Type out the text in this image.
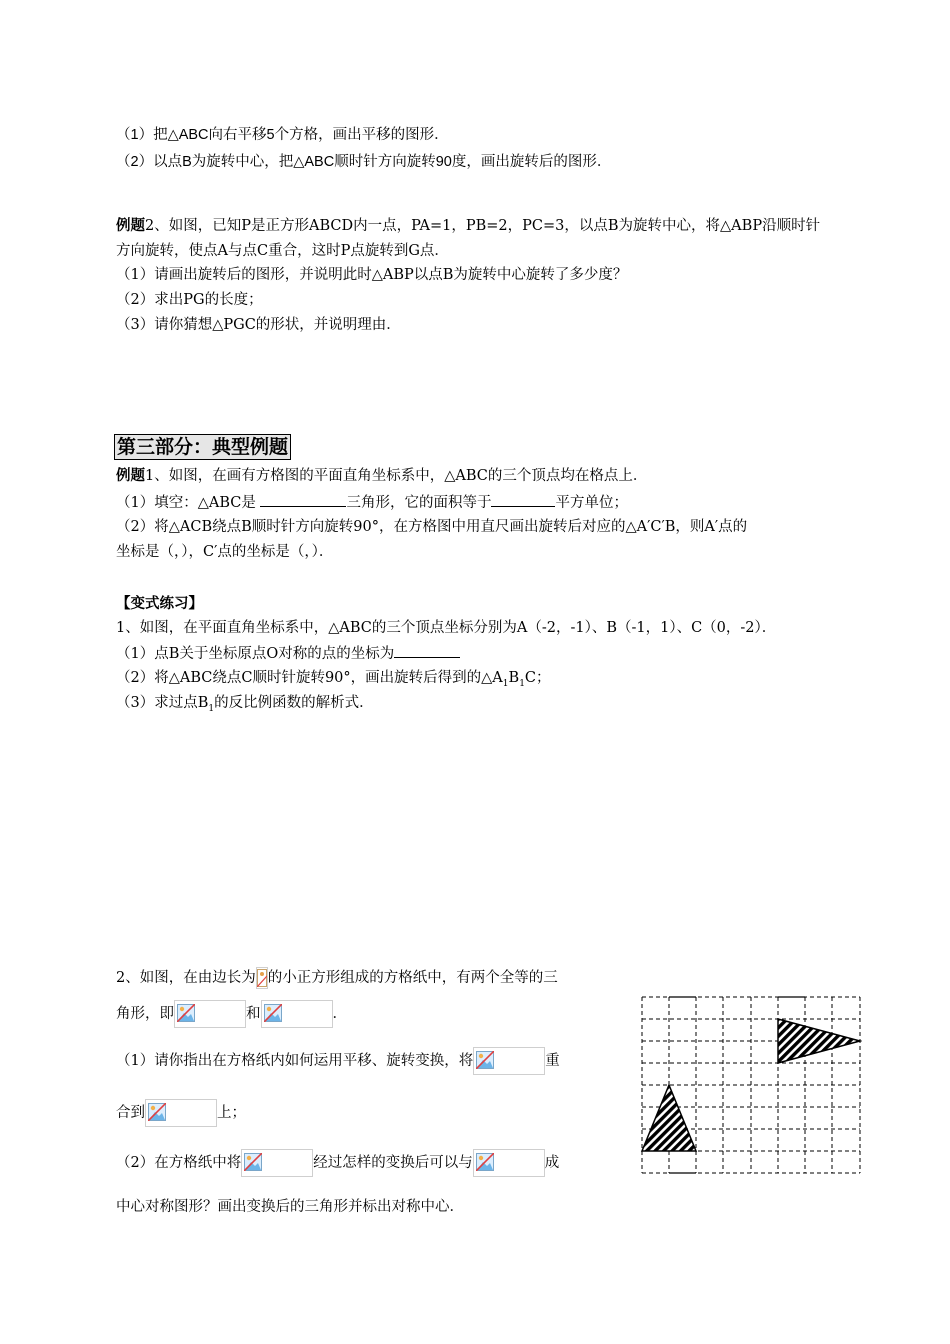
（1）把△ABC向右平移5个方格，画出平移的图形．
（2）以点B为旋转中心，把△ABC顺时针方向旋转90度，画出旋转后的图形．
例题2、如图，已知P是正方形ABCD内一点，PA=1，PB=2，PC=3，以点B为旋转中心，将△ABP沿顺时针
方向旋转，使点A与点C重合，这时P点旋转到G点．
（1）请画出旋转后的图形，并说明此时△ABP以点B为旋转中心旋转了多少度？
（2）求出PG的长度；
（3）请你猜想△PGC的形状，并说明理由．
第三部分：典型例题
例题1、如图，在画有方格图的平面直角坐标系中，△ABC的三个顶点均在格点上．
（1）填空：△ABC是	三角形，它的面积等于	平方单位；
（2）将△ACB绕点B顺时针方向旋转90°，在方格图中用直尺画出旋转后对应的△A′C′B，则A′点的
坐标是（，），C′点的坐标是（，）．
【变式练习】
1、如图，在平面直角坐标系中，△ABC的三个顶点坐标分别为A（-2，-1）、B（-1，1）、C（0，-2）．
（1）点B关于坐标原点O对称的点的坐标为
（2）将△ABC绕点C顺时针旋转90°，画出旋转后得到的$\triangle A_1B_1C$；
（3）求过点$B_1$的反比例函数的解析式．
2、如图，在由边长为 的小正方形组成的方格纸中，有两个全等的三
角形，即	和	．
（1）请你指出在方格纸内如何运用平移、旋转变换，将	重
合到	上；
（2）在方格纸中将	经过怎样的变换后可以与	成
中心对称图形？画出变换后的三角形并标出对称中心．
